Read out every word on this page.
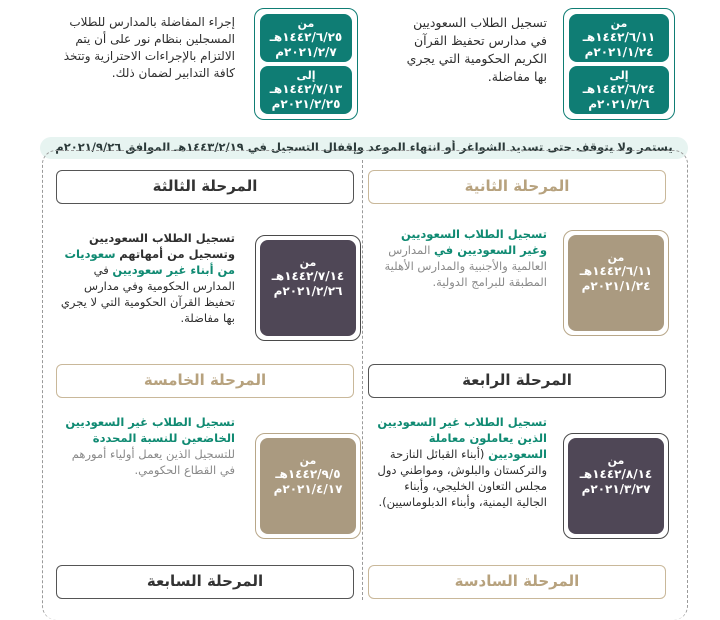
من
١٤٤٢/٦/١١هـ
٢٠٢١/١/٢٤م
إلى
١٤٤٢/٦/٢٤هـ
٢٠٢١/٢/٦م
تسجيل الطلاب السعوديين في مدارس تحفيظ القرآن الكريم الحكومية التي يجري بها مفاضلة.
من
١٤٤٢/٦/٢٥هـ
٢٠٢١/٢/٧م
إلى
١٤٤٢/٧/١٣هـ
٢٠٢١/٢/٢٥م
إجراء المفاضلة بالمدارس للطلاب المسجلين بنظام نور على أن يتم الالتزام بالإجراءات الاحترازية وتتخذ كافة التدابير لضمان ذلك.
يستمر ولا يتوقف حتى تسديد الشواغر أو انتهاء الموعد وإقفال التسجيل في ١٤٤٣/٢/١٩هـ الموافق ٢٠٢١/٩/٢٦م
المرحلة الثانية
المرحلة الثالثة
من
١٤٤٢/٦/١١هـ
٢٠٢١/١/٢٤م
تسجيل الطلاب السعوديين وغير السعوديين في المدارس العالمية والأجنبية والمدارس الأهلية المطبقة للبرامج الدولية.
من
١٤٤٢/٧/١٤هـ
٢٠٢١/٢/٢٦م
تسجيل الطلاب السعوديين وتسجيل من أمهاتهم سعوديات من أبناء غير سعوديين في المدارس الحكومية وفي مدارس تحفيظ القرآن الحكومية التي لا يجري بها مفاضلة.
المرحلة الرابعة
المرحلة الخامسة
من
١٤٤٢/٨/١٤هـ
٢٠٢١/٣/٢٧م
تسجيل الطلاب غير السعوديين الذين يعاملون معاملة السعوديين (أبناء القبائل النازحة والتركستان والبلوش، ومواطني دول مجلس التعاون الخليجي، وأبناء الجالية اليمنية، وأبناء الدبلوماسيين).
من
١٤٤٢/٩/٥هـ
٢٠٢١/٤/١٧م
تسجيل الطلاب غير السعوديين الخاضعين للنسبة المحددة للتسجيل الذين يعمل أولياء أمورهم في القطاع الحكومي.
المرحلة السادسة
المرحلة السابعة
